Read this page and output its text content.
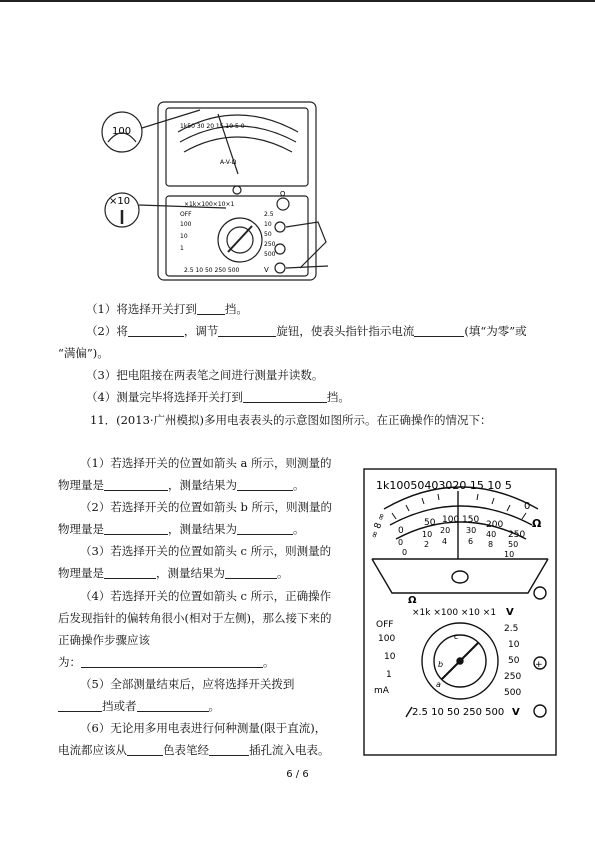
100
×10
1k50 30 20 15 10 5 0
A-V-Ω
×1k×100×10×1
OFF
100
10
1
2.5
10
50
250
500
2.5 10 50 250 500
Ω
V
（1）将选择开关打到 挡。
（2）将	，调节	旋钮，使表头指针指示电流	(填“为零”或
“满偏”)。
（3）把电阻接在两表笔之间进行测量并读数。
（4）测量完毕将选择开关打到	挡。
11．(2013·广州模拟)多用电表表头的示意图如图所示。在正确操作的情况下：
（1）若选择开关的位置如箭头 a 所示，则测量的
物理量是	，测量结果为	。
（2）若选择开关的位置如箭头 b 所示，则测量的
物理量是	，测量结果为	。
（3）若选择开关的位置如箭头 c 所示，则测量的
物理量是	，测量结果为	。
（4）若选择开关的位置如箭头 c 所示，正确操作
后发现指针的偏转角很小(相对于左侧)，那么接下来的
正确操作步骤应该
为：	。
（5）全部测量结束后，应将选择开关拨到
挡或者	。
（6）无论用多用电表进行何种测量(限于直流)，
电流都应该从	色表笔经	插孔流入电表。
1k10050403020 15 10 5
0
Ω
∞ 8 ∞ 0
50 100 150 200
250
0
10 20 30 40
50
0
2 4	6 8
10
Ω
×1k ×100 ×10 ×1 V
OFF
100
10
1
mA
2.5
10
50
250
500
a
b
c
2.5 10 50 250 500 V
+
6 / 6
